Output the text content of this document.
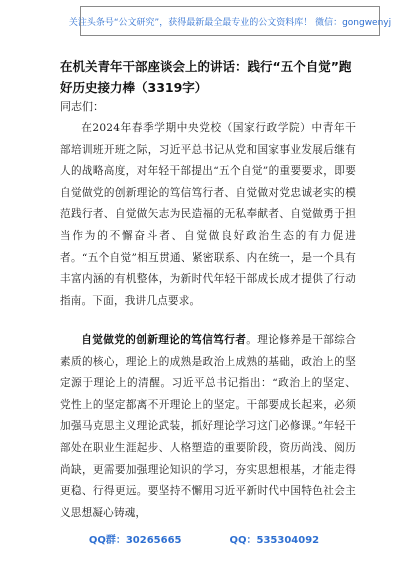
关注头条号“公文研究”，获得最新最全最专业的公文资料库！ 微信：gongwenyj
在机关青年干部座谈会上的讲话：践行“五个自觉”跑好历史接力棒（3319字）
同志们：

在2024年春季学期中央党校（国家行政学院）中青年干部培训班开班之际，习近平总书记从党和国家事业发展后继有人的战略高度，对年轻干部提出“五个自觉”的重要要求，即要自觉做党的创新理论的笃信笃行者、自觉做对党忠诚老实的模范践行者、自觉做矢志为民造福的无私奉献者、自觉做勇于担当作为的不懈奋斗者、自觉做良好政治生态的有力促进者。“五个自觉”相互贯通、紧密联系、内在统一，是一个具有丰富内涵的有机整体，为新时代年轻干部成长成才提供了行动指南。下面，我讲几点要求。

自觉做党的创新理论的笃信笃行者。理论修养是干部综合素质的核心，理论上的成熟是政治上成熟的基础，政治上的坚定源于理论上的清醒。习近平总书记指出：“政治上的坚定、党性上的坚定都离不开理论上的坚定。干部要成长起来，必须加强马克思主义理论武装，抓好理论学习这门必修课。”年轻干部处在职业生涯起步、人格塑造的重要阶段，资历尚浅、阅历尚缺，更需要加强理论知识的学习，夯实思想根基，才能走得更稳、行得更远。要坚持不懈用习近平新时代中国特色社会主义思想凝心铸魂，

QQ群：30265665	QQ：535304092
